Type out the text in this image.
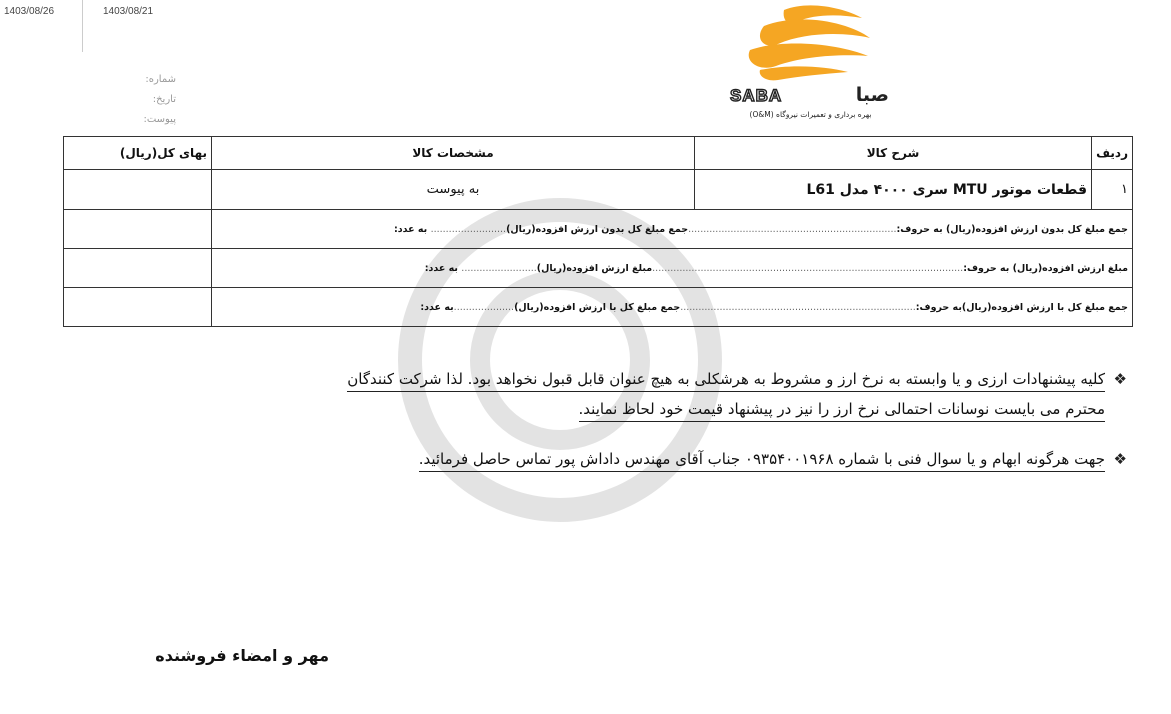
1403/08/26	1403/08/21
شماره:
تاریخ:
پیوست:
SABA	صبا
بهره برداری و تعمیرات نیروگاه (O&M)
ردیف	شرح کالا	مشخصات کالا	بهای کل(ریال)
۱	قطعات موتور MTU سری ۴۰۰۰ مدل L61	به پیوست	
جمع مبلغ کل بدون ارزش افزوده(ریال) به حروف:.....................................................................جمع مبلغ کل بدون ارزش افزوده(ریال)......................... به عدد:			
مبلغ ارزش افزوده(ریال) به حروف:.......................................................................................................مبلغ ارزش افزوده(ریال)......................... به عدد:			
جمع مبلغ کل با ارزش افزوده(ریال)به حروف:..............................................................................جمع مبلغ کل با ارزش افزوده(ریال)....................به عدد:			
❖
کلیه پیشنهادات ارزی و یا وابسته به نرخ ارز و مشروط به هرشکلی به هیچ عنوان قابل قبول نخواهد بود. لذا شرکت کنندگان
محترم می بایست نوسانات احتمالی نرخ ارز را نیز در پیشنهاد قیمت خود لحاظ نمایند.
❖
جهت هرگونه ابهام و یا سوال فنی با شماره ۰۹۳۵۴۰۰۱۹۶۸ جناب آقای مهندس داداش پور تماس حاصل فرمائید.
مهر و امضاء فروشنده
